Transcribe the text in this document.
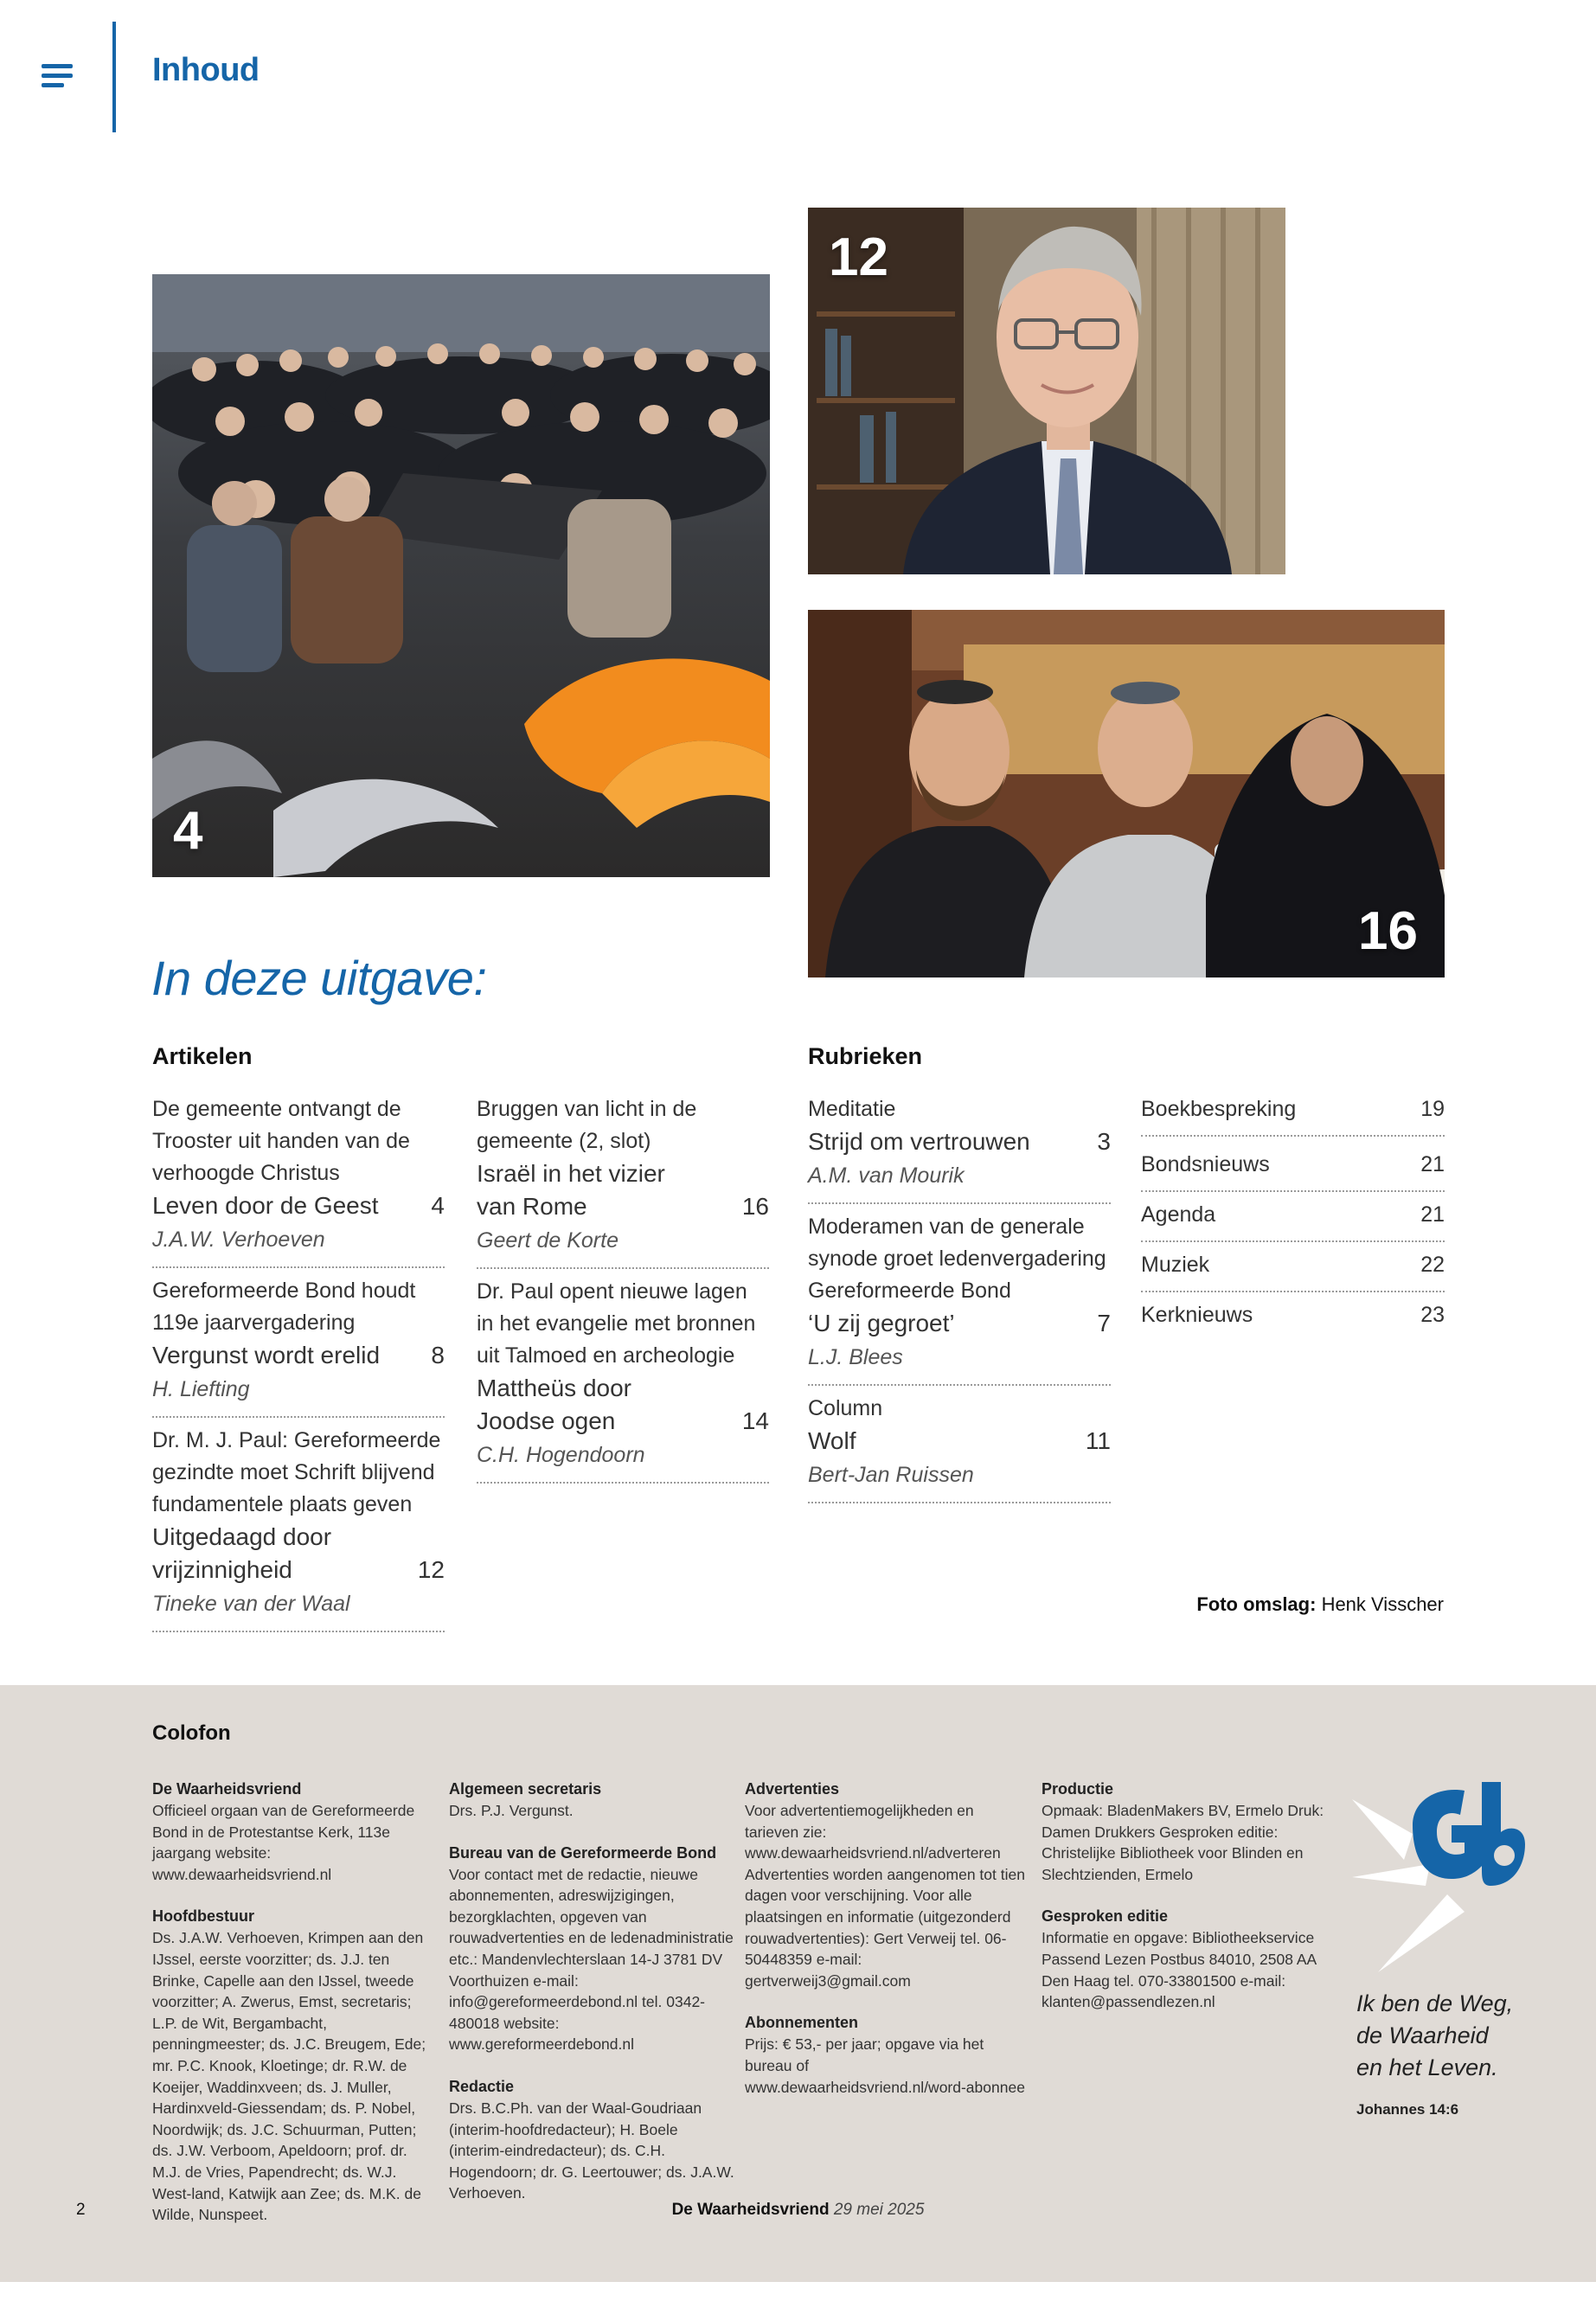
Inhoud
4
12
16
In deze uitgave:
Artikelen	Rubrieken
De gemeente ontvangt de Trooster uit handen van de verhoogde Christus
Leven door de Geest	4
J.A.W. Verhoeven
Gereformeerde Bond houdt 119e jaarvergadering
Vergunst wordt erelid	8
H. Liefting
Dr. M. J. Paul: Gereformeerde gezindte moet Schrift blijvend fundamentele plaats geven
Uitgedaagd door
vrijzinnigheid	12
Tineke van der Waal
Bruggen van licht in de gemeente (2, slot)
Israël in het vizier
van Rome	16
Geert de Korte
Dr. Paul opent nieuwe lagen in het evangelie met bronnen uit Talmoed en archeologie
Mattheüs door
Joodse ogen	14
C.H. Hogendoorn
Meditatie
Strijd om vertrouwen	3
A.M. van Mourik
Moderamen van de generale synode groet ledenvergadering Gereformeerde Bond
‘U zij gegroet’	7
L.J. Blees
Column
Wolf	11
Bert-Jan Ruissen
Boekbespreking	19
Bondsnieuws	21
Agenda	21
Muziek	22
Kerknieuws	23
Foto omslag: Henk Visscher
Colofon
De Waarheidsvriend

Officieel orgaan van de Gereformeerde Bond in de Protestantse Kerk, 113e jaargang website: www.dewaarheidsvriend.nl

Hoofdbestuur

Ds. J.A.W. Verhoeven, Krimpen aan den IJssel, eerste voorzitter; ds. J.J. ten Brinke, Capelle aan den IJssel, tweede voorzitter; A. Zwerus, Emst, secretaris; L.P. de Wit, Bergambacht, penningmeester; ds. J.C. Breugem, Ede; mr. P.C. Knook, Kloetinge; dr. R.W. de Koeijer, Waddinxveen; ds. J. Muller, Hardinxveld-Giessendam; ds. P. Nobel, Noordwijk; ds. J.C. Schuurman, Putten; ds. J.W. Verboom, Apeldoorn; prof. dr. M.J. de Vries, Papendrecht; ds. W.J. West-land, Katwijk aan Zee; ds. M.K. de Wilde, Nunspeet.

Algemeen secretaris

Drs. P.J. Vergunst.

Bureau van de Gereformeerde Bond

Voor contact met de redactie, nieuwe abonnementen, adreswijzigingen, bezorgklachten, opgeven van rouwadvertenties en de ledenadministratie etc.: Mandenvlechterslaan 14-J 3781 DV Voorthuizen e-mail: info@gereformeerdebond.nl tel. 0342-480018 website: www.gereformeerdebond.nl

Redactie

Drs. B.C.Ph. van der Waal-Goudriaan (interim-hoofdredacteur); H. Boele (interim-eindredacteur); ds. C.H. Hogendoorn; dr. G. Leertouwer; ds. J.A.W. Verhoeven.

Advertenties

Voor advertentiemogelijkheden en tarieven zie: www.dewaarheidsvriend.nl/adverteren Advertenties worden aangenomen tot tien dagen voor verschijning. Voor alle plaatsingen en informatie (uitgezonderd rouwadvertenties): Gert Verweij tel. 06-50448359 e-mail: gertverweij3@gmail.com

Abonnementen

Prijs: € 53,- per jaar; opgave via het bureau of www.dewaarheidsvriend.nl/word-abonnee

Productie

Opmaak: BladenMakers BV, Ermelo Druk: Damen Drukkers Gesproken editie: Christelijke Bibliotheek voor Blinden en Slechtzienden, Ermelo

Gesproken editie

Informatie en opgave: Bibliotheekservice Passend Lezen Postbus 84010, 2508 AA Den Haag tel. 070-33801500 e-mail: klanten@passendlezen.nl	Ik ben de Weg,
de Waarheid
en het Leven.
Johannes 14:6
2	De Waarheidsvriend 29 mei 2025
